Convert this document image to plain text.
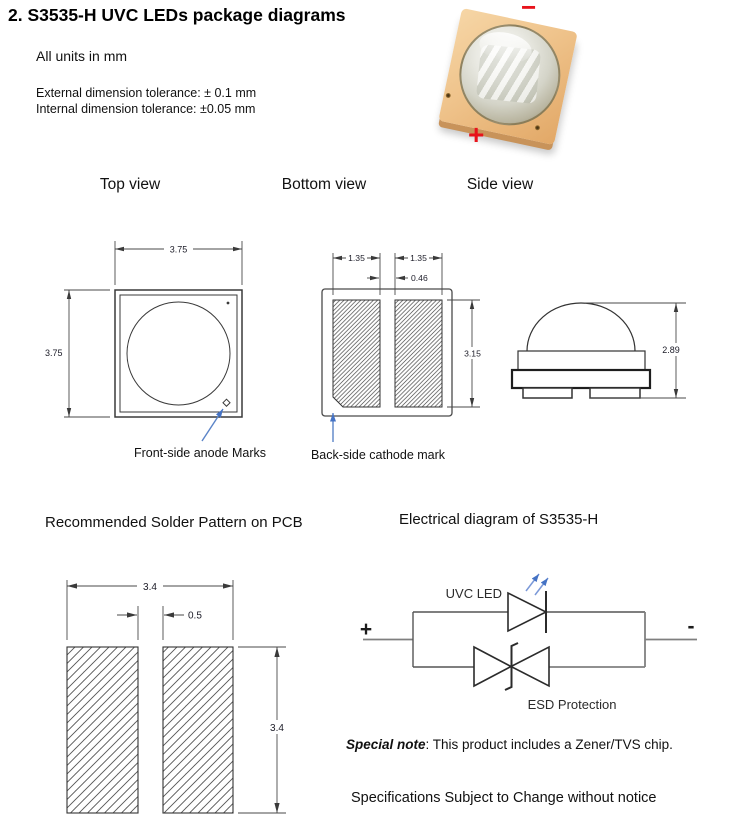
2. S3535-H UVC LEDs package diagrams
All units in mm
External dimension tolerance: ± 0.1 mm
Internal dimension tolerance: ±0.05 mm
−
+
Top view	Bottom view	Side view
3.75
3.75
Front-side anode Marks
1.35	1.35
0.46
3.15
Back-side cathode mark
2.89
Recommended Solder Pattern on PCB	Electrical diagram of S3535-H
3.4
0.5
3.4
+	-
UVC LED
ESD Protection
Special note: This product includes a Zener/TVS chip.
Specifications Subject to Change without notice
